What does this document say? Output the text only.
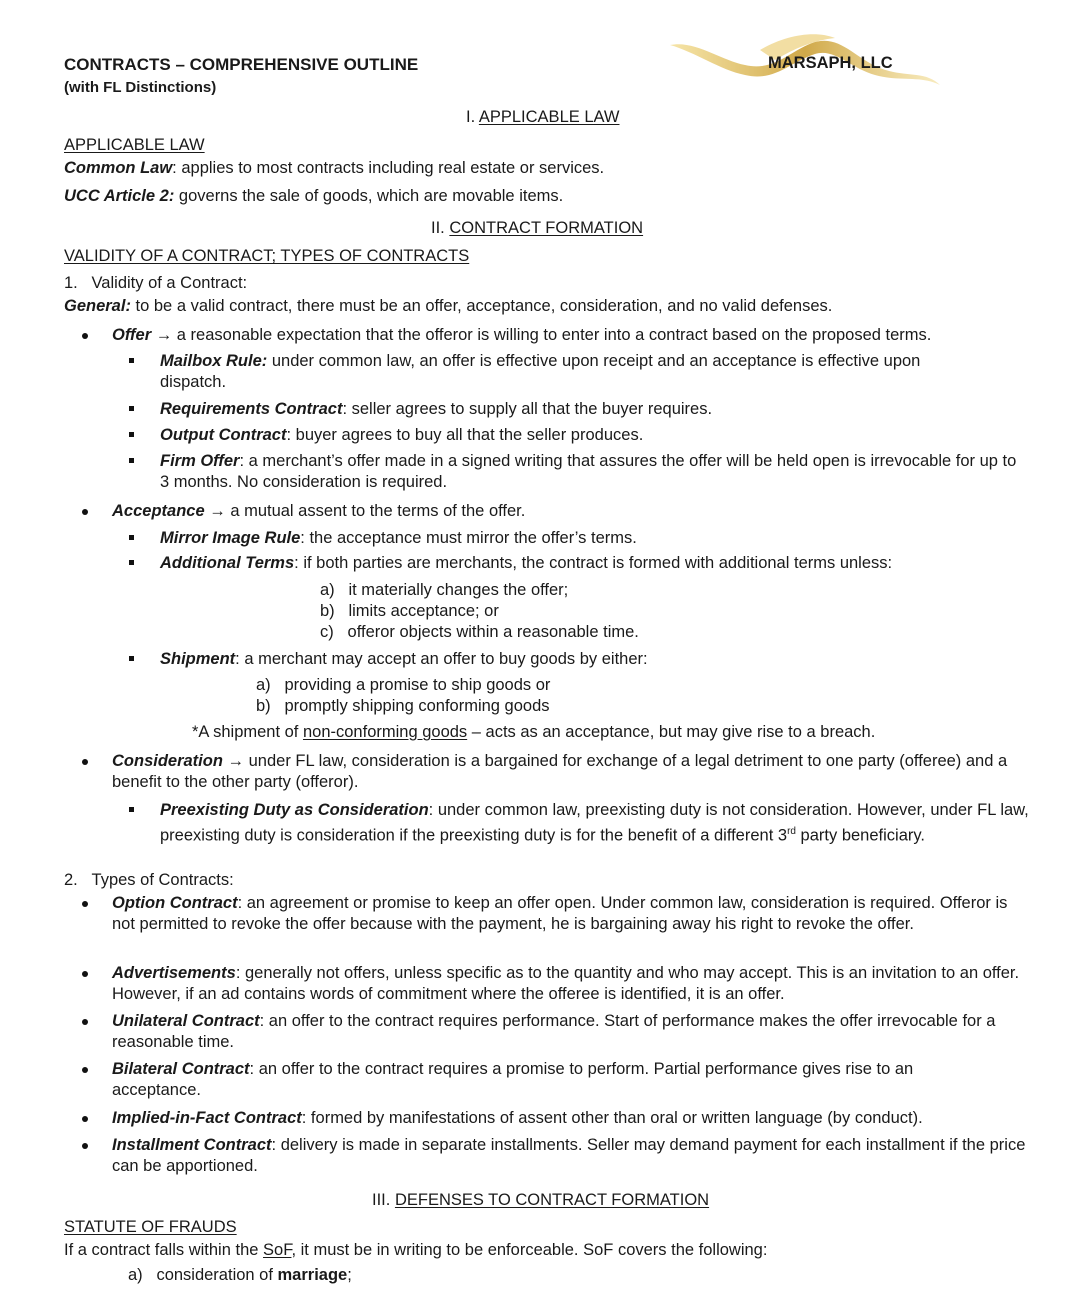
CONTRACTS – COMPREHENSIVE OUTLINE
(with FL Distinctions)
MARSAPH, LLC
I. APPLICABLE LAW
APPLICABLE LAW
Common Law: applies to most contracts including real estate or services.
UCC Article 2: governs the sale of goods, which are movable items.
II. CONTRACT FORMATION
VALIDITY OF A CONTRACT; TYPES OF CONTRACTS
1. Validity of a Contract:
General: to be a valid contract, there must be an offer, acceptance, consideration, and no valid defenses.
Offer → a reasonable expectation that the offeror is willing to enter into a contract based on the proposed terms.
Mailbox Rule: under common law, an offer is effective upon receipt and an acceptance is effective upon dispatch.
Requirements Contract: seller agrees to supply all that the buyer requires.
Output Contract: buyer agrees to buy all that the seller produces.
Firm Offer: a merchant’s offer made in a signed writing that assures the offer will be held open is irrevocable for up to 3 months. No consideration is required.
Acceptance → a mutual assent to the terms of the offer.
Mirror Image Rule: the acceptance must mirror the offer’s terms.
Additional Terms: if both parties are merchants, the contract is formed with additional terms unless:
a) it materially changes the offer;
b) limits acceptance; or
c) offeror objects within a reasonable time.
Shipment: a merchant may accept an offer to buy goods by either:
a) providing a promise to ship goods or
b) promptly shipping conforming goods
*A shipment of non-conforming goods – acts as an acceptance, but may give rise to a breach.
Consideration → under FL law, consideration is a bargained for exchange of a legal detriment to one party (offeree) and a benefit to the other party (offeror).
Preexisting Duty as Consideration: under common law, preexisting duty is not consideration. However, under FL law, preexisting duty is consideration if the preexisting duty is for the benefit of a different 3rd party beneficiary.
2. Types of Contracts:
Option Contract: an agreement or promise to keep an offer open. Under common law, consideration is required. Offeror is not permitted to revoke the offer because with the payment, he is bargaining away his right to revoke the offer.
Advertisements: generally not offers, unless specific as to the quantity and who may accept. This is an invitation to an offer. However, if an ad contains words of commitment where the offeree is identified, it is an offer.
Unilateral Contract: an offer to the contract requires performance. Start of performance makes the offer irrevocable for a reasonable time.
Bilateral Contract: an offer to the contract requires a promise to perform. Partial performance gives rise to an acceptance.
Implied-in-Fact Contract: formed by manifestations of assent other than oral or written language (by conduct).
Installment Contract: delivery is made in separate installments. Seller may demand payment for each installment if the price can be apportioned.
III. DEFENSES TO CONTRACT FORMATION
STATUTE OF FRAUDS
If a contract falls within the SoF, it must be in writing to be enforceable. SoF covers the following:
a) consideration of marriage;
